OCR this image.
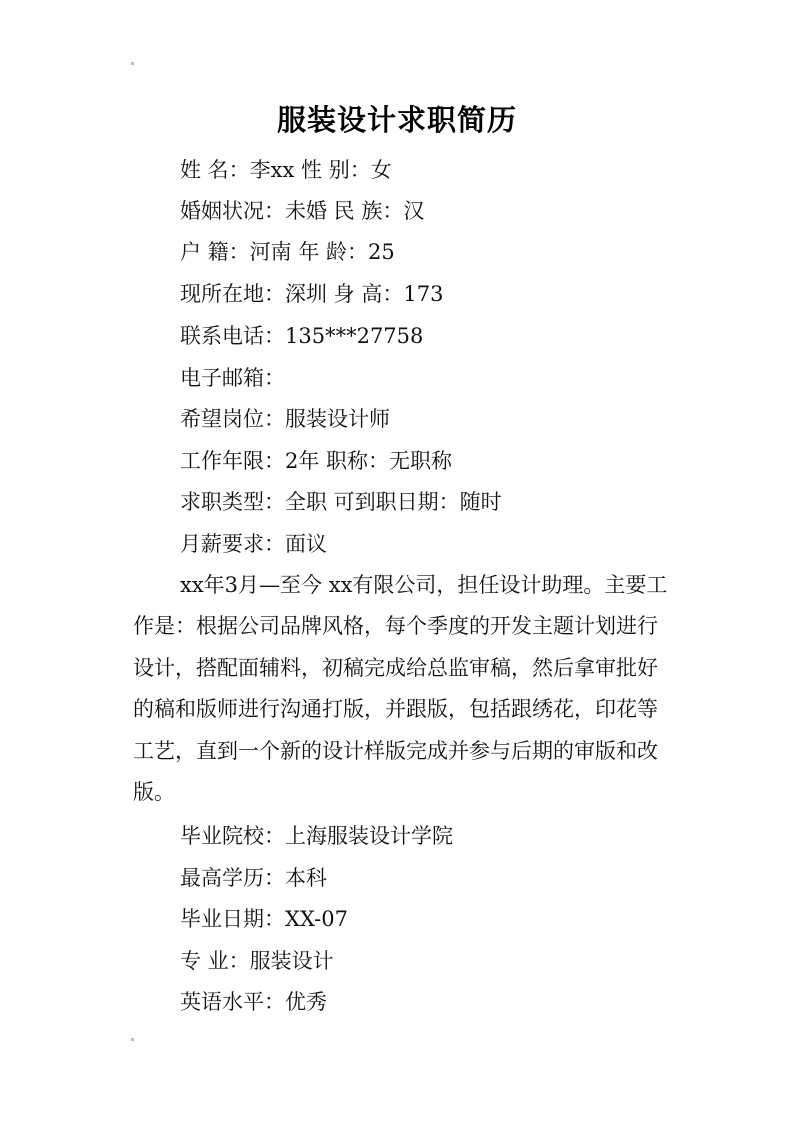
服装设计求职简历
姓 名：李xx 性 别：女
婚姻状况：未婚 民 族：汉
户 籍：河南 年 龄：25
现所在地：深圳 身 高：173
联系电话：135***27758
电子邮箱：
希望岗位：服装设计师
工作年限：2年 职称：无职称
求职类型：全职 可到职日期：随时
月薪要求：面议
xx年3月—至今 xx有限公司，担任设计助理。主要工作是：根据公司品牌风格，每个季度的开发主题计划进行设计，搭配面辅料，初稿完成给总监审稿，然后拿审批好的稿和版师进行沟通打版，并跟版，包括跟绣花，印花等工艺，直到一个新的设计样版完成并参与后期的审版和改版。
毕业院校：上海服装设计学院
最高学历：本科
毕业日期：XX-07
专 业：服装设计
英语水平：优秀
